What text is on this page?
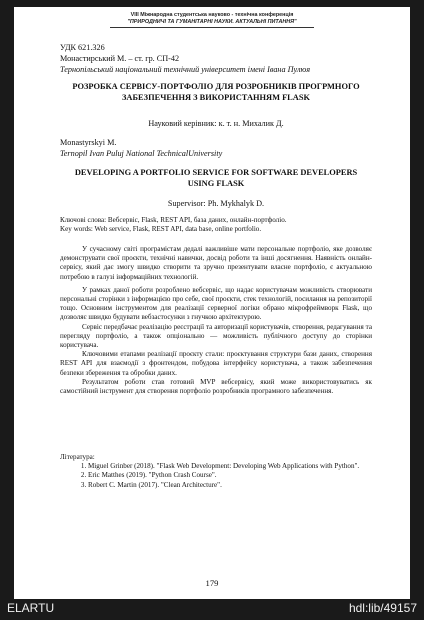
VIII Міжнародна студентська науково - технічна конференція
"ПРИРОДНИЧІ ТА ГУМАНІТАРНІ НАУКИ. АКТУАЛЬНІ ПИТАННЯ"
УДК 621.326
Монастирський М. – ст. гр. СП-42
Тернопільський національний технічний університет імені Івана Пулюя
РОЗРОБКА СЕРВІСУ-ПОРТФОЛІО ДЛЯ РОЗРОБНИКІВ ПРОГРМНОГО ЗАБЕЗПЕЧЕННЯ З ВИКОРИСТАННЯМ FLASK
Науковий керівник: к. т. н. Михалик Д.
Monastyrskyi M.
Ternopil Ivan Puluj National TechnicalUniversity
DEVELOPING A PORTFOLIO SERVICE FOR SOFTWARE DEVELOPERS USING FLASK
Supervisor: Ph. Mykhalyk D.
Ключові слова: Вебсервіс, Flask, REST API, база даних, онлайн-портфоліо.
Key words: Web service, Flask, REST API, data base, online portfolio.

У сучасному світі програмістам дедалі важливіше мати персональне портфоліо, яке дозволяє демонструвати свої проєкти, технічні навички, досвід роботи та інші досягнення. Наявність онлайн-сервісу, який дає змогу швидко створити та зручно презентувати власне портфоліо, є актуальною потребою в галузі інформаційних технологій.

У рамках даної роботи розроблено вебсервіс, що надає користувачам можливість створювати персональні сторінки з інформацією про себе, свої проєкти, стек технологій, посилання на репозиторії тощо. Основним інструментом для реалізації серверної логіки обрано мікрофреймворк Flask, що дозволяє швидко будувати вебзастосунки з гнучкою архітектурою.

Сервіс передбачає реалізацію реєстрації та авторизації користувачів, створення, редагування та перегляду портфоліо, а також опціонально — можливість публічного доступу до сторінки користувача.

Ключовими етапами реалізації проєкту стали: проєктування структури бази даних, створення REST API для взаємодії з фронтендом, побудова інтерфейсу користувача, а також забезпечення безпеки збереження та обробки даних.

Результатом роботи став готовий MVP вебсервісу, який може використовуватись як самостійний інструмент для створення портфоліо розробників програмного забезпечення.

Література:
1. Miguel Grinber (2018). "Flask Web Development: Developing Web Applications with Python".
2. Eric Matthes (2019). "Python Crash Course".
3. Robert C. Martin (2017). "Clean Architecture".
179
ELARTU	hdl:lib/49157
